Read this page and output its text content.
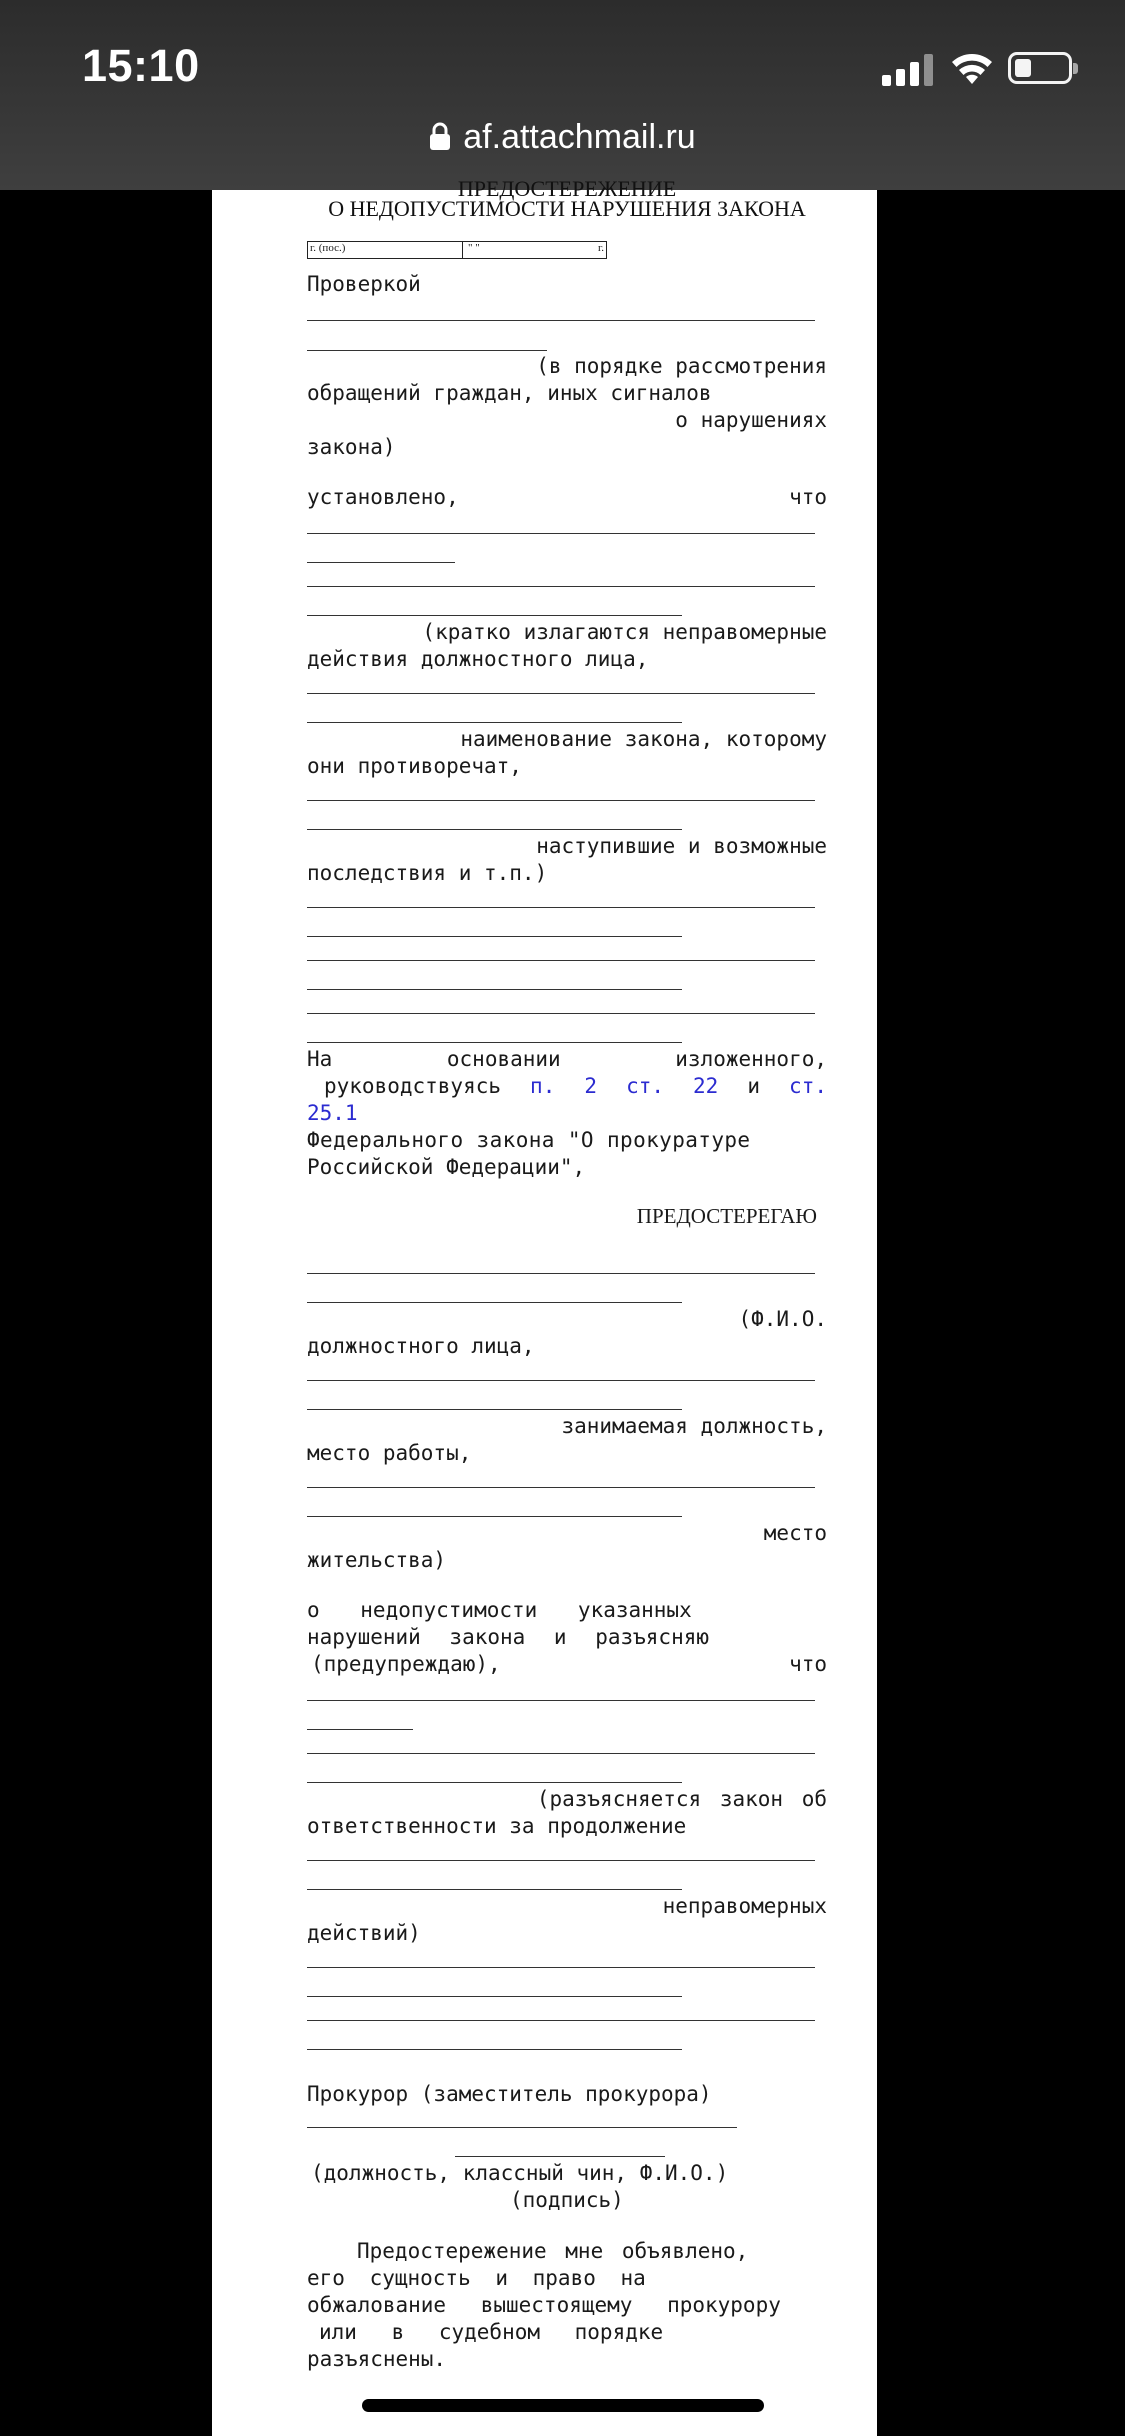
15:10
af.attachmail.ru
ПРЕДОСТЕРЕЖЕНИЕ
О НЕДОПУСТИМОСТИ НАРУШЕНИЯ ЗАКОНА
г. (пос.)	" "	г.
Проверкой
(в порядке рассмотрения
обращений граждан, иных сигналов
о нарушениях
закона)
установлено,	что
(кратко излагаются неправомерные
действия должностного лица,
наименование закона, которому
они противоречат,
наступившие и возможные
последствия и т.п.)
На	основании	изложенного,
руководствуясь п. 2 ст. 22 и ст.
25.1
Федерального закона "О прокуратуре
Российской Федерации",
ПРЕДОСТЕРЕГАЮ
(Ф.И.О.
должностного лица,
занимаемая должность,
место работы,
место
жительства)
о недопустимости указанных
нарушений закона и разъясняю
(предупреждаю),	что
(разъясняется закон об
ответственности за продолжение
неправомерных
действий)
Прокурор (заместитель прокурора)
(должность, классный чин, Ф.И.О.)
(подпись)
Предостережение мне объявлено,
его сущность и право на
обжалование вышестоящему прокурору
или в судебном порядке
разъяснены.
